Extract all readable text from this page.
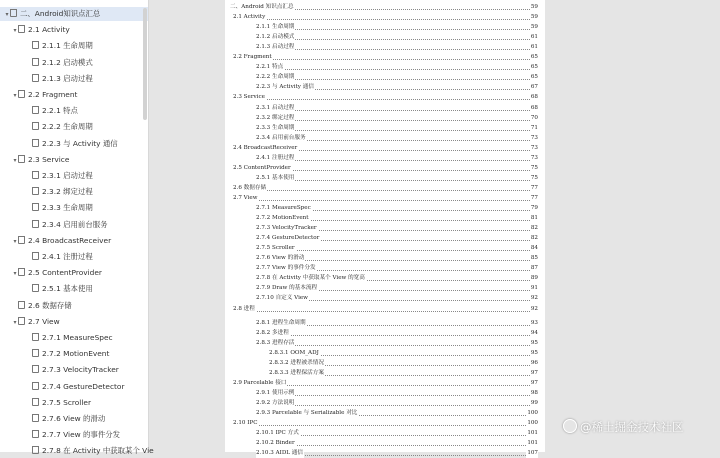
▾ 二、Android知识点汇总
▾ 2.1 Activity
2.1.1 生命周期
2.1.2 启动模式
2.1.3 启动过程
▾ 2.2 Fragment
2.2.1 特点
2.2.2 生命周期
2.2.3 与 Activity 通信
▾ 2.3 Service
2.3.1 启动过程
2.3.2 绑定过程
2.3.3 生命周期
2.3.4 启用前台服务
▾ 2.4 BroadcastReceiver
2.4.1 注册过程
▾ 2.5 ContentProvider
2.5.1 基本使用
2.6 数据存储
▾ 2.7 View
2.7.1 MeasureSpec
2.7.2 MotionEvent
2.7.3 VelocityTracker
2.7.4 GestureDetector
2.7.5 Scroller
2.7.6 View 的滑动
2.7.7 View 的事件分发
2.7.8 在 Activity 中获取某个 Vie
二、Android 知识点汇总	59
2.1 Activity	59
2.1.1 生命周期	59
2.1.2 启动模式	61
2.1.3 启动过程	61
2.2 Fragment	65
2.2.1 特点	65
2.2.2 生命周期	65
2.2.3 与 Activity 通信	67
2.3 Service	68
2.3.1 启动过程	68
2.3.2 绑定过程	70
2.3.3 生命周期	71
2.3.4 启用前台服务	73
2.4 BroadcastReceiver	73
2.4.1 注册过程	73
2.5 ContentProvider	75
2.5.1 基本使用	75
2.6 数据存储	77
2.7 View	77
2.7.1 MeasureSpec	79
2.7.2 MotionEvent	81
2.7.3 VelocityTracker	82
2.7.4 GestureDetector	82
2.7.5 Scroller	84
2.7.6 View 的滑动	85
2.7.7 View 的事件分发	87
2.7.8 在 Activity 中获取某个 View 的宽高	89
2.7.9 Draw 的基本流程	91
2.7.10 自定义 View	92
2.8 进程	92
2.8.1 进程生命周期	93
2.8.2 多进程	94
2.8.3 进程存活	95
2.8.3.1 OOM_ADJ	95
2.8.3.2 进程被杀情况	96
2.8.3.3 进程保活方案	97
2.9 Parcelable 接口	97
2.9.1 使用示例	98
2.9.2 方法说明	99
2.9.3 Parcelable 与 Serializable 对比	100
2.10 IPC	100
2.10.1 IPC 方式	101
2.10.2 Binder	101
2.10.3 AIDL 通信	107
@稀土掘金技术社区
